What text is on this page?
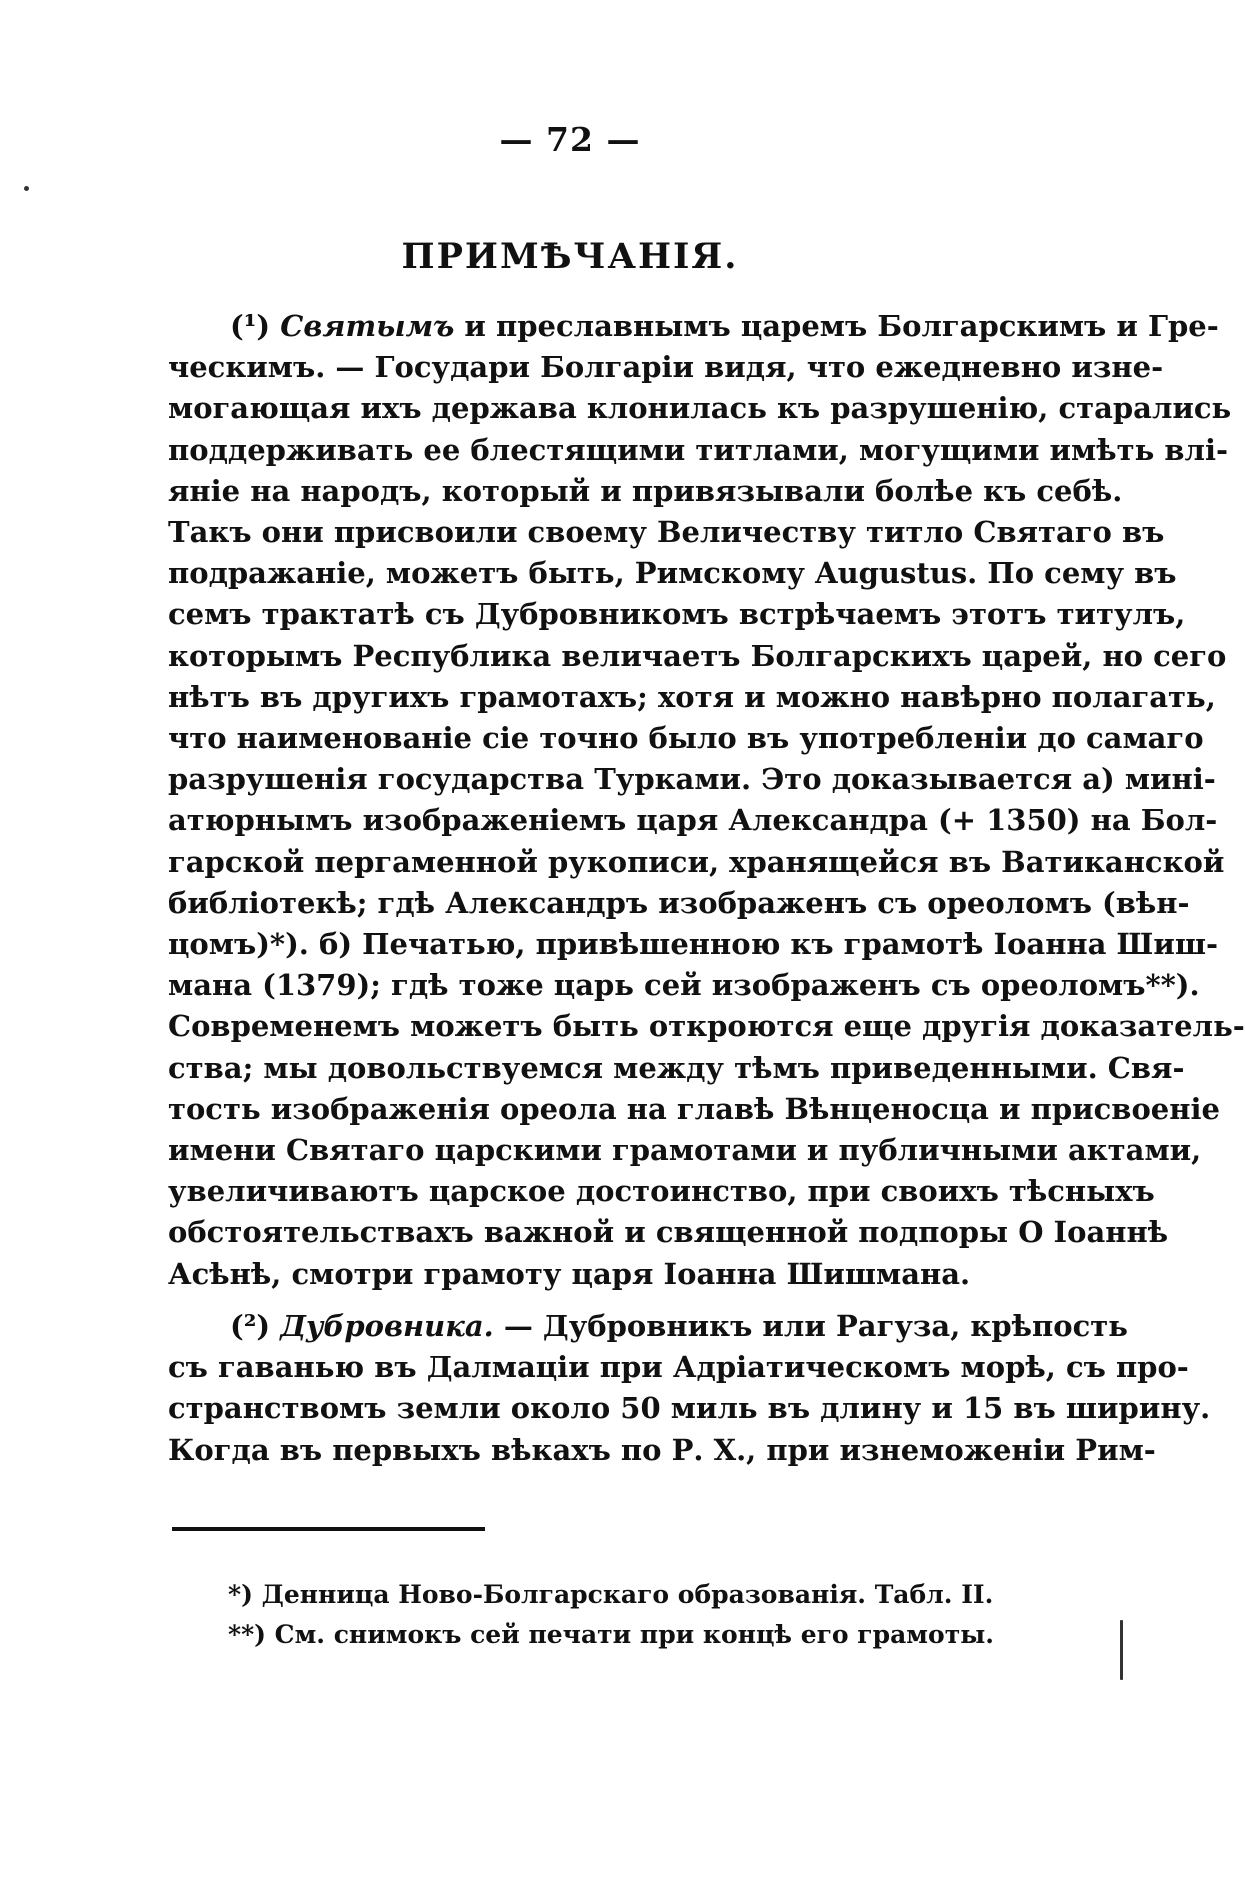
— 72 —
ПРИМѢЧАНІЯ.
(¹) Святымъ и преславнымъ царемъ Болгарскимъ и Гре-
ческимъ. — Государи Болгаріи видя, что ежедневно изне-
могающая ихъ держава клонилась къ разрушенію, старались
поддерживать ее блестящими титлами, могущими имѣть влі-
яніе на народъ, который и привязывали болѣе къ себѣ.
Такъ они присвоили своему Величеству титло Святаго въ
подражаніе, можетъ быть, Римскому Augustus. По сему въ
семъ трактатѣ съ Дубровникомъ встрѣчаемъ этотъ титулъ,
которымъ Республика величаетъ Болгарскихъ царей, но сего
нѣтъ въ другихъ грамотахъ; хотя и можно навѣрно полагать,
что наименованіе сіе точно было въ употребленіи до самаго
разрушенія государства Турками. Это доказывается а) мині-
атюрнымъ изображеніемъ царя Александра (+ 1350) на Бол-
гарской пергаменной рукописи, хранящейся въ Ватиканской
библіотекѣ; гдѣ Александръ изображенъ съ ореоломъ (вѣн-
цомъ)*). б) Печатью, привѣшенною къ грамотѣ Іоанна Шиш-
мана (1379); гдѣ тоже царь сей изображенъ съ ореоломъ**).
Современемъ можетъ быть откроются еще другія доказатель-
ства; мы довольствуемся между тѣмъ приведенными. Свя-
тость изображенія ореола на главѣ Вѣнценосца и присвоеніе
имени Святаго царскими грамотами и публичными актами,
увеличиваютъ царское достоинство, при своихъ тѣсныхъ
обстоятельствахъ важной и священной подпоры О Іоаннѣ
Асѣнѣ, смотри грамоту царя Іоанна Шишмана.
(²) Дубровника. — Дубровникъ или Рагуза, крѣпость
съ гаванью въ Далмаціи при Адріатическомъ морѣ, съ про-
странствомъ земли около 50 миль въ длину и 15 въ ширину.
Когда въ первыхъ вѣкахъ по Р. Х., при изнеможеніи Рим-
*) Денница Ново-Болгарскаго образованія. Табл. II.
**) См. снимокъ сей печати при концѣ его грамоты.
